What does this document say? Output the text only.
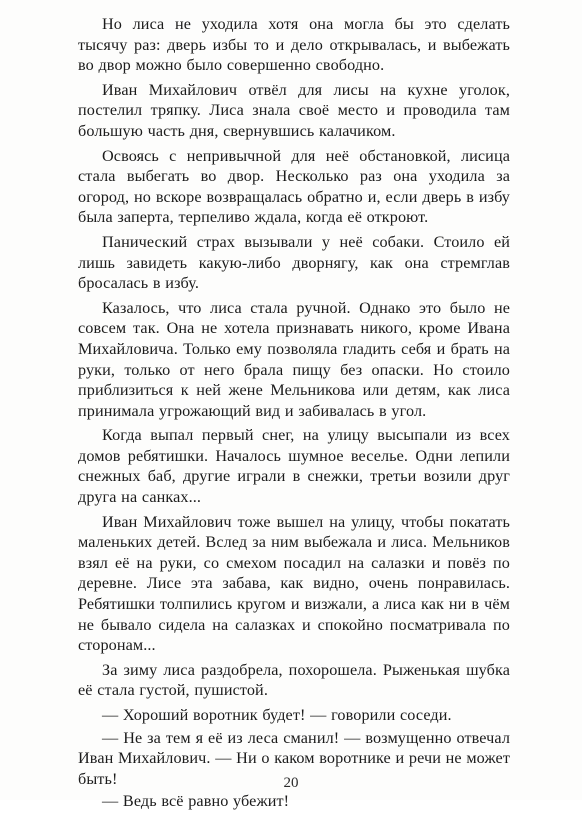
Но лиса не уходила хотя она могла бы это сделать тысячу раз: дверь избы то и дело открывалась, и выбежать во двор можно было совершенно свободно.

Иван Михайлович отвёл для лисы на кухне уголок, постелил тряпку. Лиса знала своё место и проводила там большую часть дня, свернувшись калачиком.

Освоясь с непривычной для неё обстановкой, лисица стала выбегать во двор. Несколько раз она уходила за огород, но вскоре возвращалась обратно и, если дверь в избу была заперта, терпеливо ждала, когда её откроют.

Панический страх вызывали у неё собаки. Стоило ей лишь завидеть какую-либо дворнягу, как она стремглав бросалась в избу.

Казалось, что лиса стала ручной. Однако это было не совсем так. Она не хотела признавать никого, кроме Ивана Михайловича. Только ему позволяла гладить себя и брать на руки, только от него брала пищу без опаски. Но стоило приблизиться к ней жене Мельникова или детям, как лиса принимала угрожающий вид и забивалась в угол.

Когда выпал первый снег, на улицу высыпали из всех домов ребятишки. Началось шумное веселье. Одни лепили снежных баб, другие играли в снежки, третьи возили друг друга на санках...

Иван Михайлович тоже вышел на улицу, чтобы покатать маленьких детей. Вслед за ним выбежала и лиса. Мельников взял её на руки, со смехом посадил на салазки и повёз по деревне. Лисе эта забава, как видно, очень понравилась. Ребятишки толпились кругом и визжали, а лиса как ни в чём не бывало сидела на салазках и спокойно посматривала по сторонам...

За зиму лиса раздобрела, похорошела. Рыженькая шубка её стала густой, пушистой.

— Хороший воротник будет! — говорили соседи.

— Не за тем я её из леса сманил! — возмущенно отвечал Иван Михайлович. — Ни о каком воротнике и речи не может быть!

— Ведь всё равно убежит!

20
